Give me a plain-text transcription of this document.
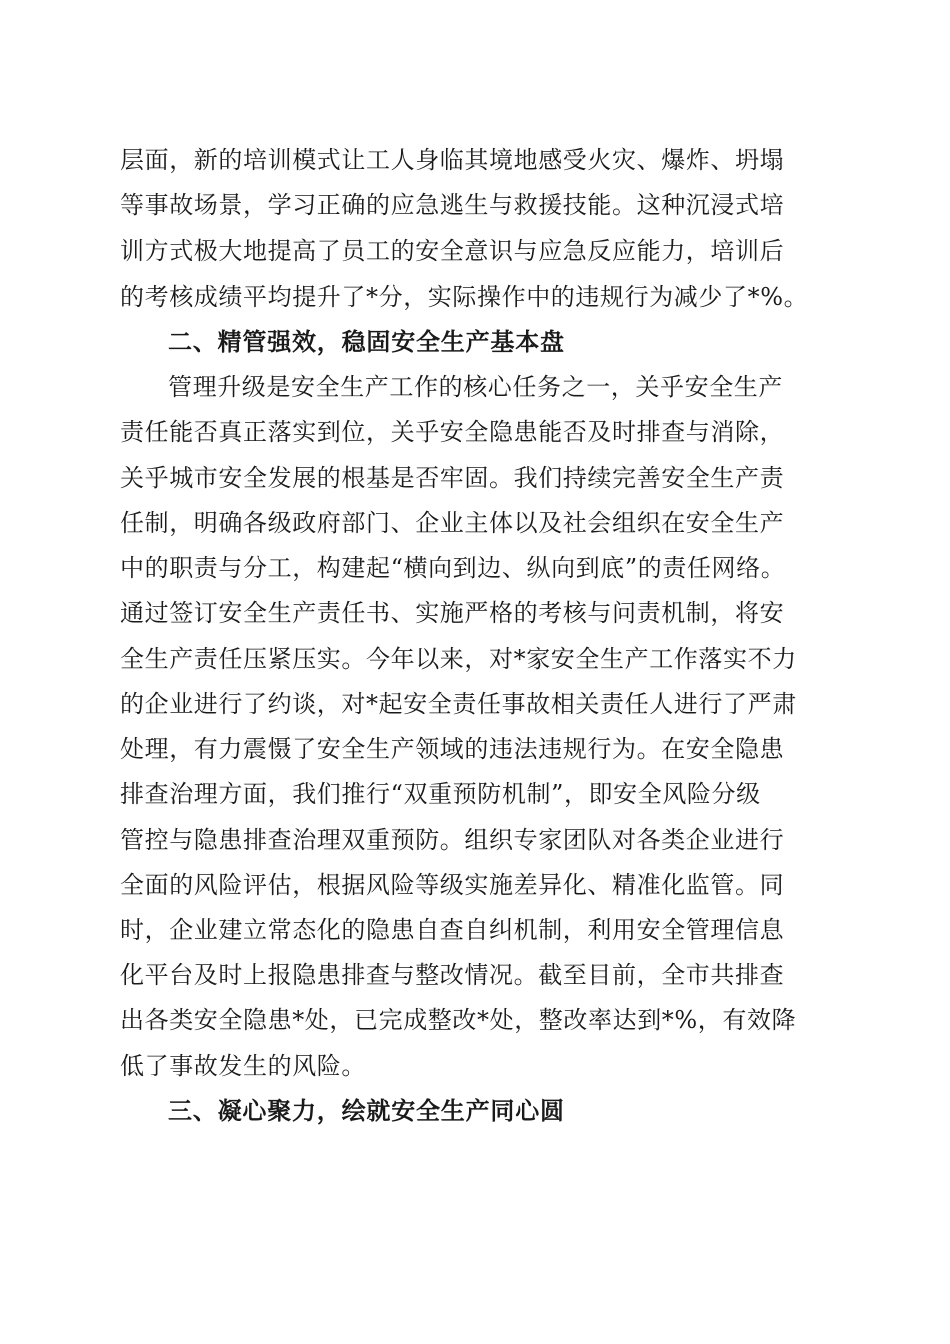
层面，新的培训模式让工人身临其境地感受火灾、爆炸、坍塌
等事故场景，学习正确的应急逃生与救援技能。这种沉浸式培
训方式极大地提高了员工的安全意识与应急反应能力，培训后
的考核成绩平均提升了*分，实际操作中的违规行为减少了*%。
二、精管强效，稳固安全生产基本盘
管理升级是安全生产工作的核心任务之一，关乎安全生产
责任能否真正落实到位，关乎安全隐患能否及时排查与消除，
关乎城市安全发展的根基是否牢固。我们持续完善安全生产责
任制，明确各级政府部门、企业主体以及社会组织在安全生产
中的职责与分工，构建起“横向到边、纵向到底”的责任网络。
通过签订安全生产责任书、实施严格的考核与问责机制，将安
全生产责任压紧压实。今年以来，对*家安全生产工作落实不力
的企业进行了约谈，对*起安全责任事故相关责任人进行了严肃
处理，有力震慑了安全生产领域的违法违规行为。在安全隐患
排查治理方面，我们推行“双重预防机制”，即安全风险分级
管控与隐患排查治理双重预防。组织专家团队对各类企业进行
全面的风险评估，根据风险等级实施差异化、精准化监管。同
时，企业建立常态化的隐患自查自纠机制，利用安全管理信息
化平台及时上报隐患排查与整改情况。截至目前，全市共排查
出各类安全隐患*处，已完成整改*处，整改率达到*%，有效降
低了事故发生的风险。
三、凝心聚力，绘就安全生产同心圆
